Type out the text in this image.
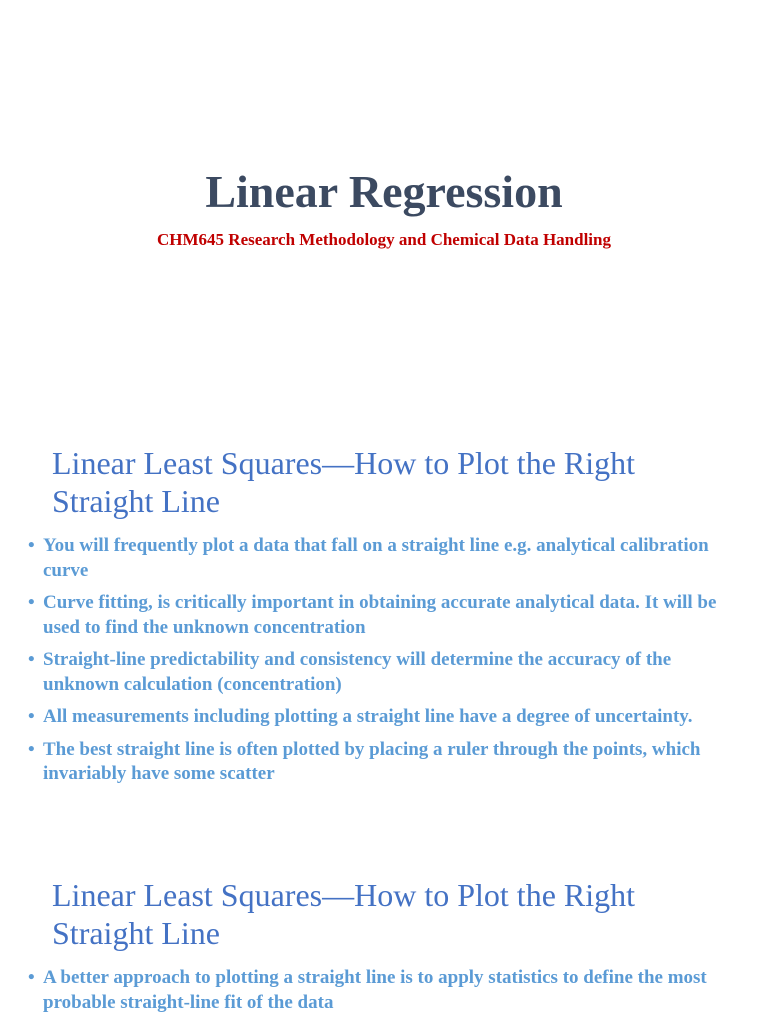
Linear Regression

CHM645 Research Methodology and Chemical Data Handling

Linear Least Squares—How to Plot the Right
Straight Line
• You will frequently plot a data that fall on a straight line e.g. analytical calibration curve
• Curve fitting, is critically important in obtaining accurate analytical data. It will be used to find the unknown concentration
• Straight-line predictability and consistency will determine the accuracy of the unknown calculation (concentration)
• All measurements including plotting a straight line have a degree of uncertainty.
• The best straight line is often plotted by placing a ruler through the points, which invariably have some scatter
Linear Least Squares—How to Plot the Right
Straight Line
• A better approach to plotting a straight line is to apply statistics to define the most probable straight-line fit of the data
